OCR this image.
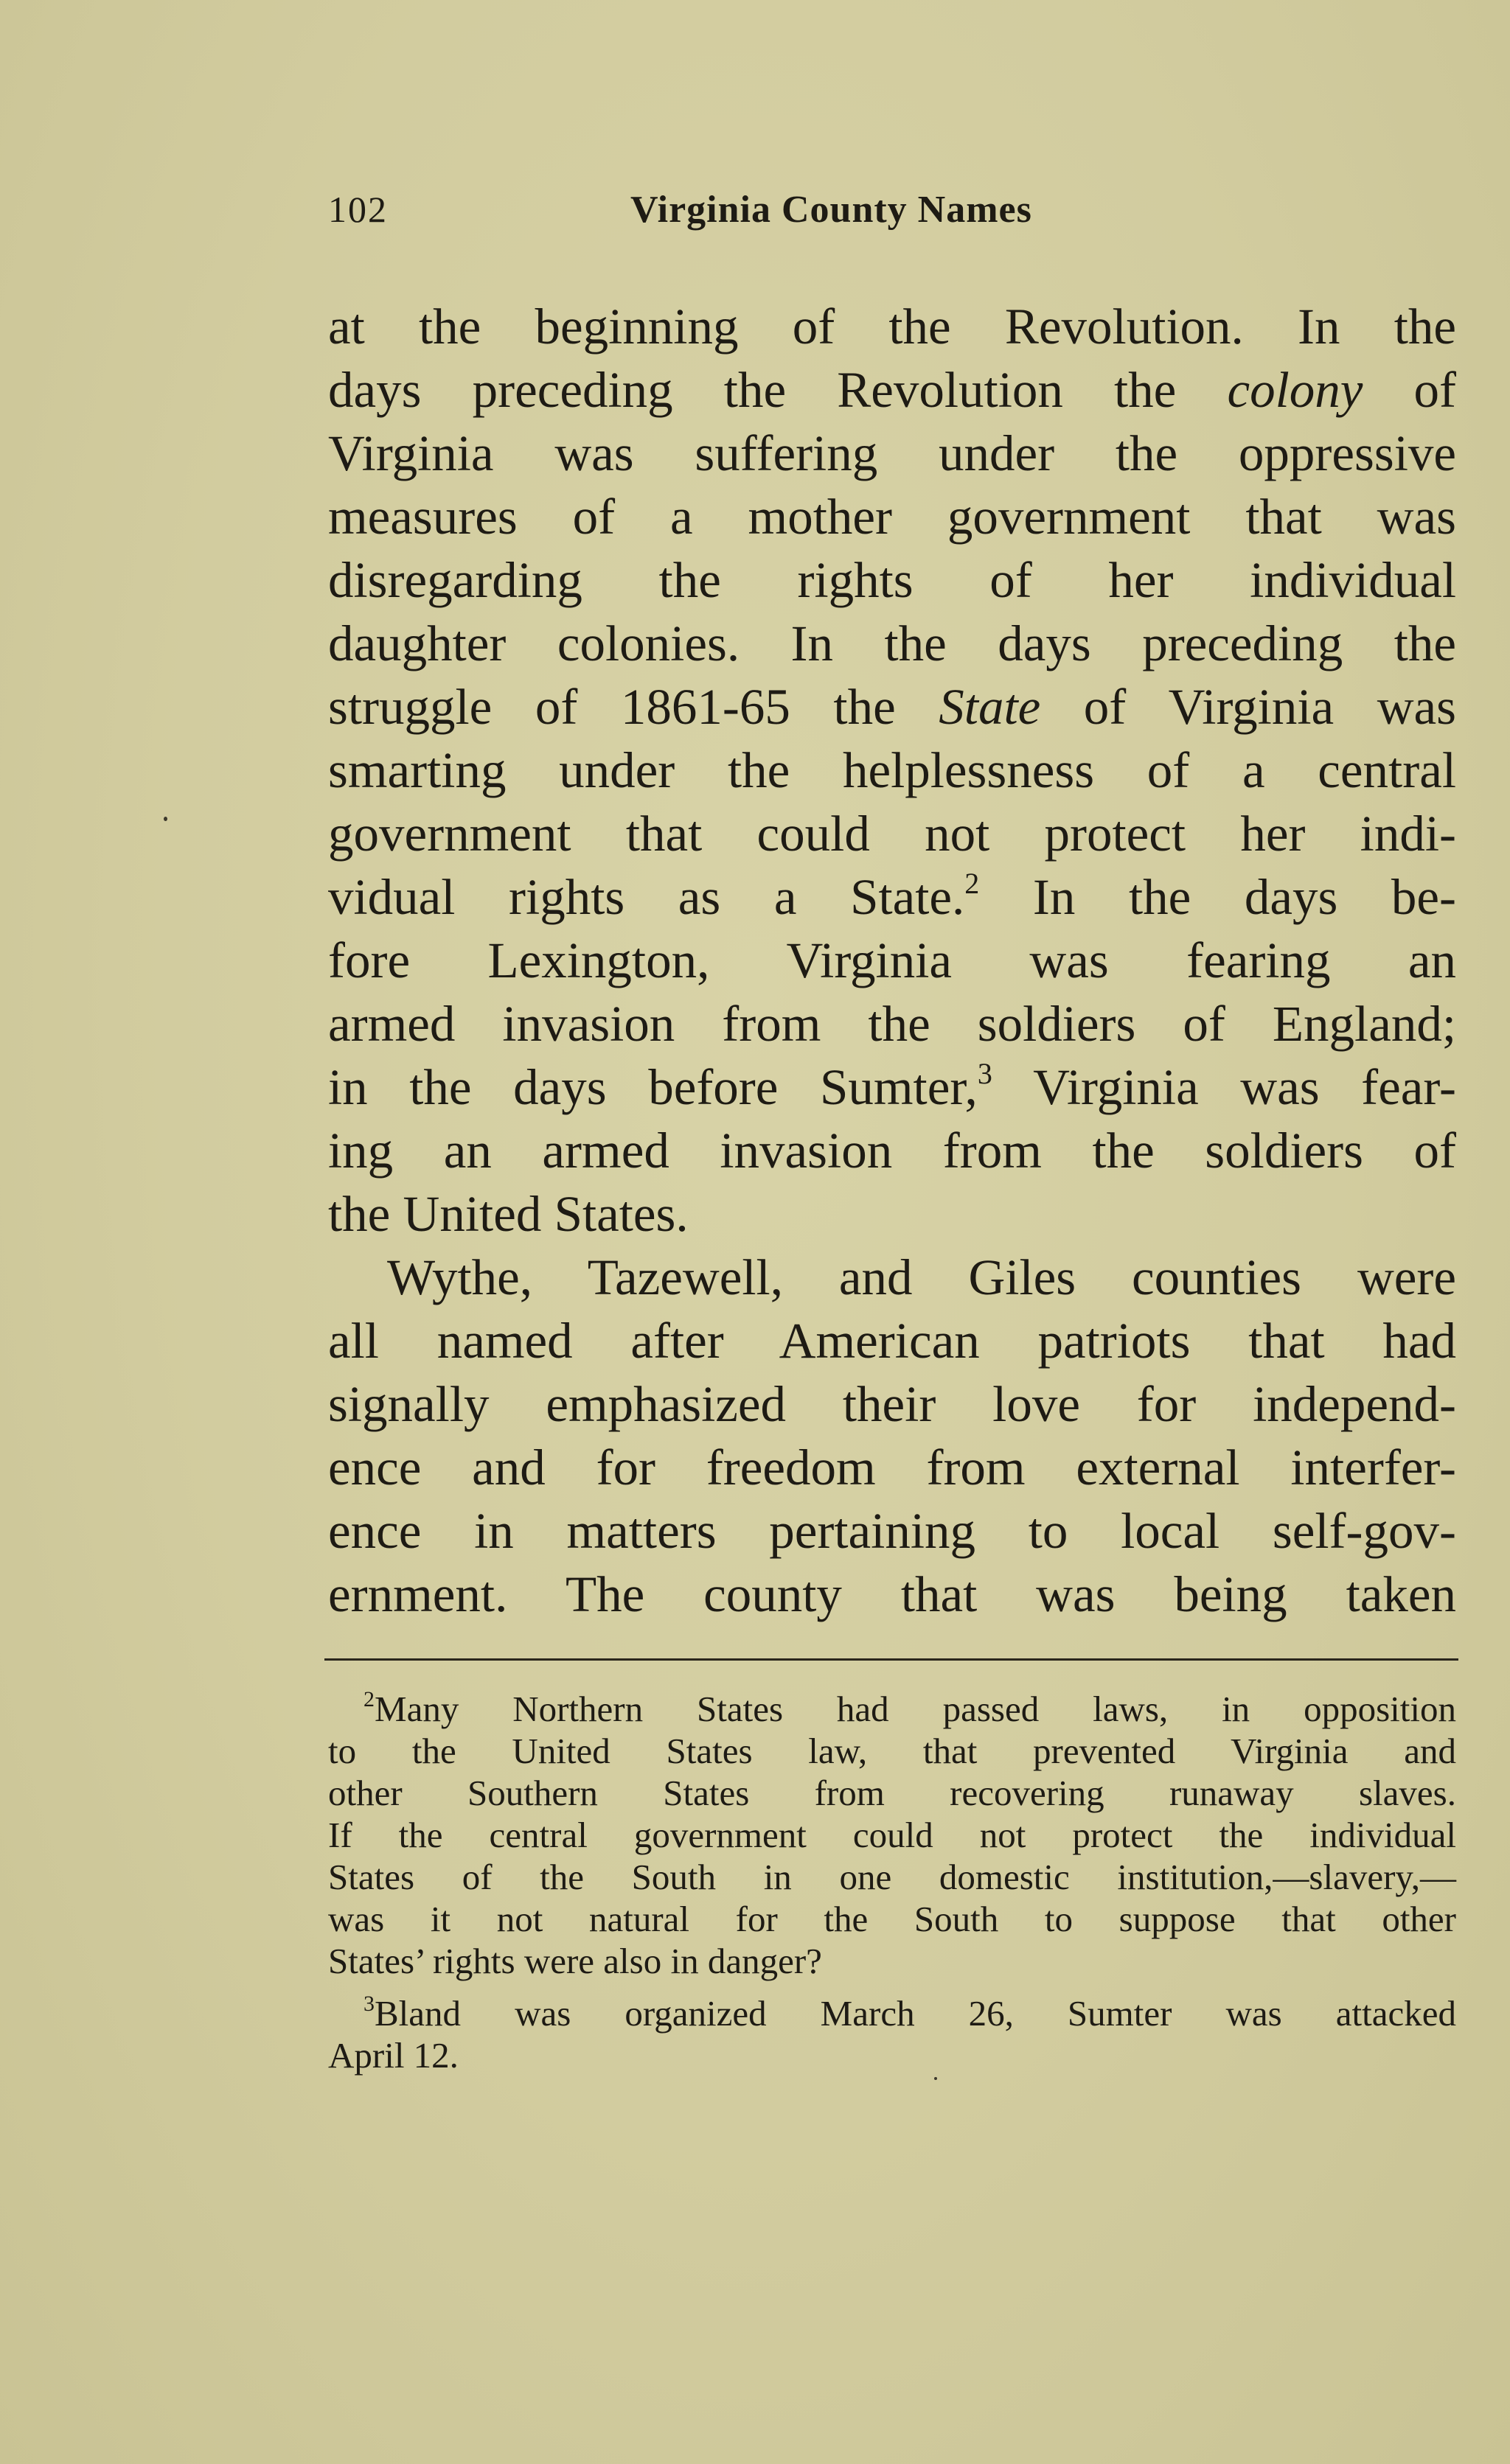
102	Virginia County Names
at the beginning of the Revolution. In the
days preceding the Revolution the colony of
Virginia was suffering under the oppressive
measures of a mother government that was
disregarding the rights of her individual
daughter colonies. In the days preceding the
struggle of 1861-65 the State of Virginia was
smarting under the helplessness of a central
government that could not protect her indi-
vidual rights as a State.$^2$ In the days be-
fore Lexington, Virginia was fearing an
armed invasion from the soldiers of England;
in the days before Sumter,$^3$ Virginia was fear-
ing an armed invasion from the soldiers of
the United States.
Wythe, Tazewell, and Giles counties were
all named after American patriots that had
signally emphasized their love for independ-
ence and for freedom from external interfer-
ence in matters pertaining to local self-gov-
ernment. The county that was being taken
$^2$Many Northern States had passed laws, in opposition
to the United States law, that prevented Virginia and
other Southern States from recovering runaway slaves.
If the central government could not protect the individual
States of the South in one domestic institution,—slavery,—
was it not natural for the South to suppose that other
States’ rights were also in danger?
$^3$Bland was organized March 26, Sumter was attacked
April 12.
